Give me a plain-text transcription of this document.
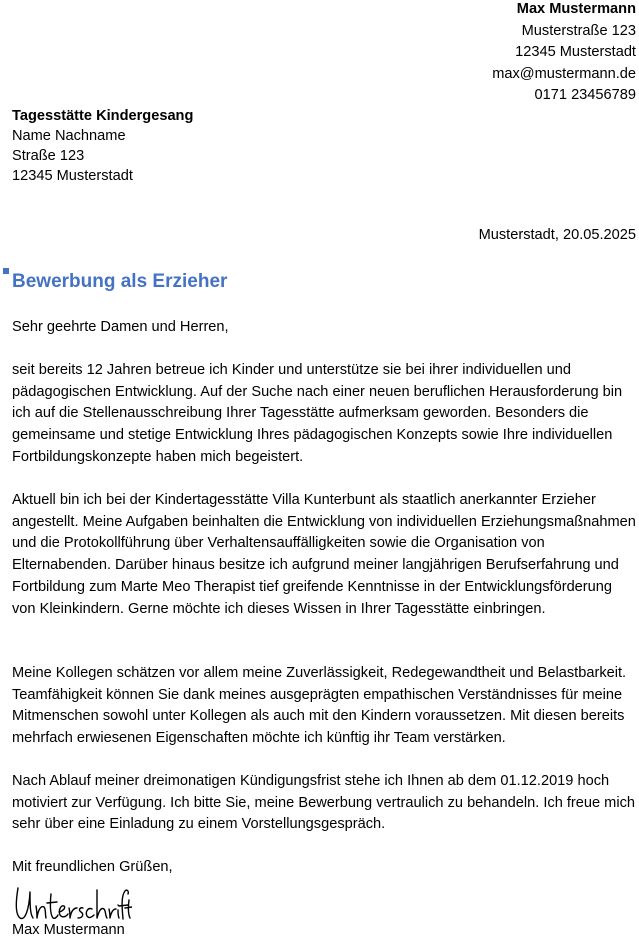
Max Mustermann
Musterstraße 123
12345 Musterstadt
max@mustermann.de
0171 23456789
Tagesstätte Kindergesang
Name Nachname
Straße 123
12345 Musterstadt
Musterstadt, 20.05.2025
Bewerbung als Erzieher
Sehr geehrte Damen und Herren,

seit bereits 12 Jahren betreue ich Kinder und unterstütze sie bei ihrer individuellen und pädagogischen Entwicklung. Auf der Suche nach einer neuen beruflichen Herausforderung bin ich auf die Stellenausschreibung Ihrer Tagesstätte aufmerksam geworden. Besonders die gemeinsame und stetige Entwicklung Ihres pädagogischen Konzepts sowie Ihre individuellen Fortbildungskonzepte haben mich begeistert.

Aktuell bin ich bei der Kindertagesstätte Villa Kunterbunt als staatlich anerkannter Erzieher angestellt. Meine Aufgaben beinhalten die Entwicklung von individuellen Erziehungsmaßnahmen und die Protokollführung über Verhaltensauffälligkeiten sowie die Organisation von Elternabenden. Darüber hinaus besitze ich aufgrund meiner langjährigen Berufserfahrung und Fortbildung zum Marte Meo Therapist tief greifende Kenntnisse in der Entwicklungsförderung von Kleinkindern. Gerne möchte ich dieses Wissen in Ihrer Tagesstätte einbringen.

Meine Kollegen schätzen vor allem meine Zuverlässigkeit, Redegewandtheit und Belastbarkeit. Teamfähigkeit können Sie dank meines ausgeprägten empathischen Verständnisses für meine Mitmenschen sowohl unter Kollegen als auch mit den Kindern voraussetzen. Mit diesen bereits mehrfach erwiesenen Eigenschaften möchte ich künftig ihr Team verstärken.

Nach Ablauf meiner dreimonatigen Kündigungsfrist stehe ich Ihnen ab dem 01.12.2019 hoch motiviert zur Verfügung. Ich bitte Sie, meine Bewerbung vertraulich zu behandeln. Ich freue mich sehr über eine Einladung zu einem Vorstellungsgespräch.

Mit freundlichen Grüßen,
Max Mustermann
